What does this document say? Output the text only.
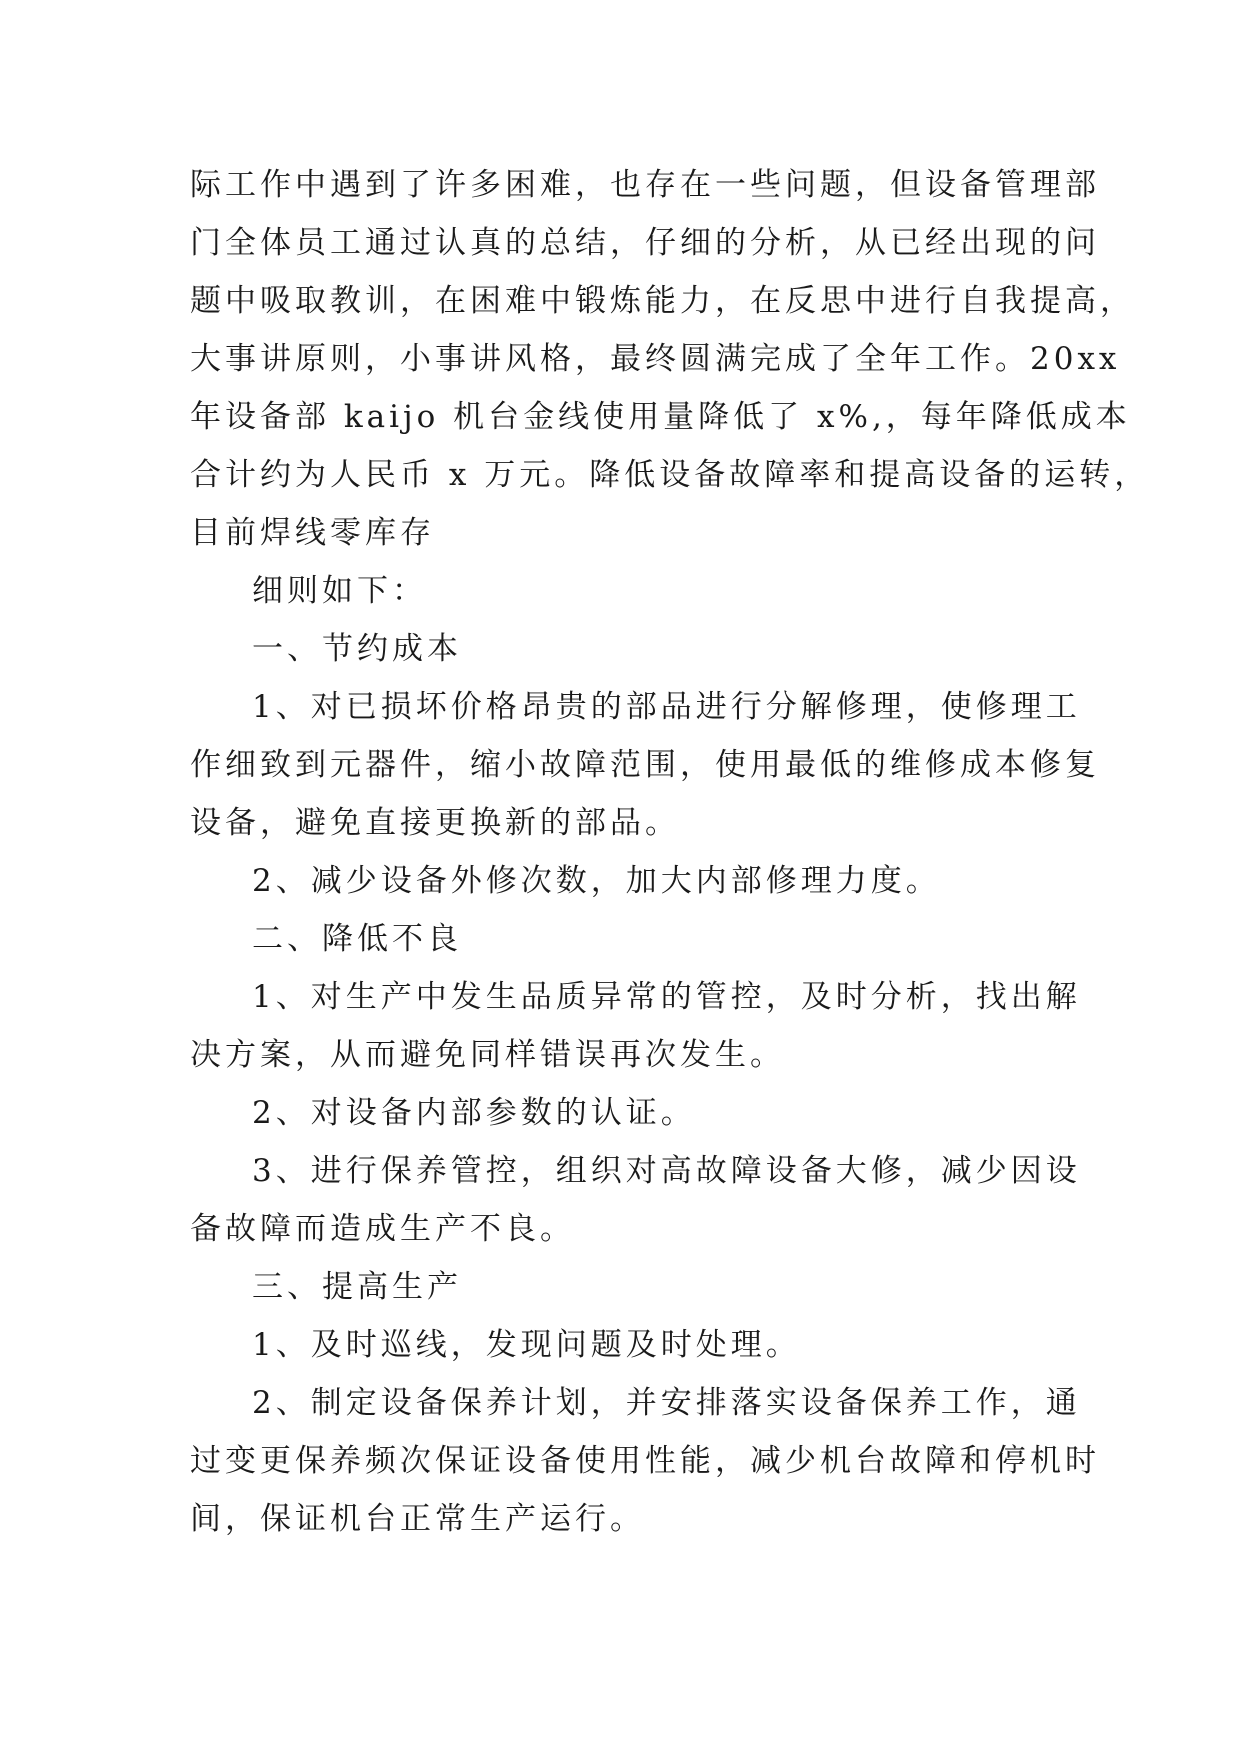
际工作中遇到了许多困难，也存在一些问题，但设备管理部

门全体员工通过认真的总结，仔细的分析，从已经出现的问

题中吸取教训，在困难中锻炼能力，在反思中进行自我提高，

大事讲原则，小事讲风格，最终圆满完成了全年工作。20xx

年设备部 kaijo 机台金线使用量降低了 x%,，每年降低成本

合计约为人民币 x 万元。降低设备故障率和提高设备的运转，

目前焊线零库存

细则如下：

一、节约成本

1、对已损坏价格昂贵的部品进行分解修理，使修理工

作细致到元器件，缩小故障范围，使用最低的维修成本修复

设备，避免直接更换新的部品。

2、减少设备外修次数，加大内部修理力度。

二、降低不良

1、对生产中发生品质异常的管控，及时分析，找出解

决方案，从而避免同样错误再次发生。

2、对设备内部参数的认证。

3、进行保养管控，组织对高故障设备大修，减少因设

备故障而造成生产不良。

三、提高生产

1、及时巡线，发现问题及时处理。

2、制定设备保养计划，并安排落实设备保养工作，通

过变更保养频次保证设备使用性能，减少机台故障和停机时

间，保证机台正常生产运行。
